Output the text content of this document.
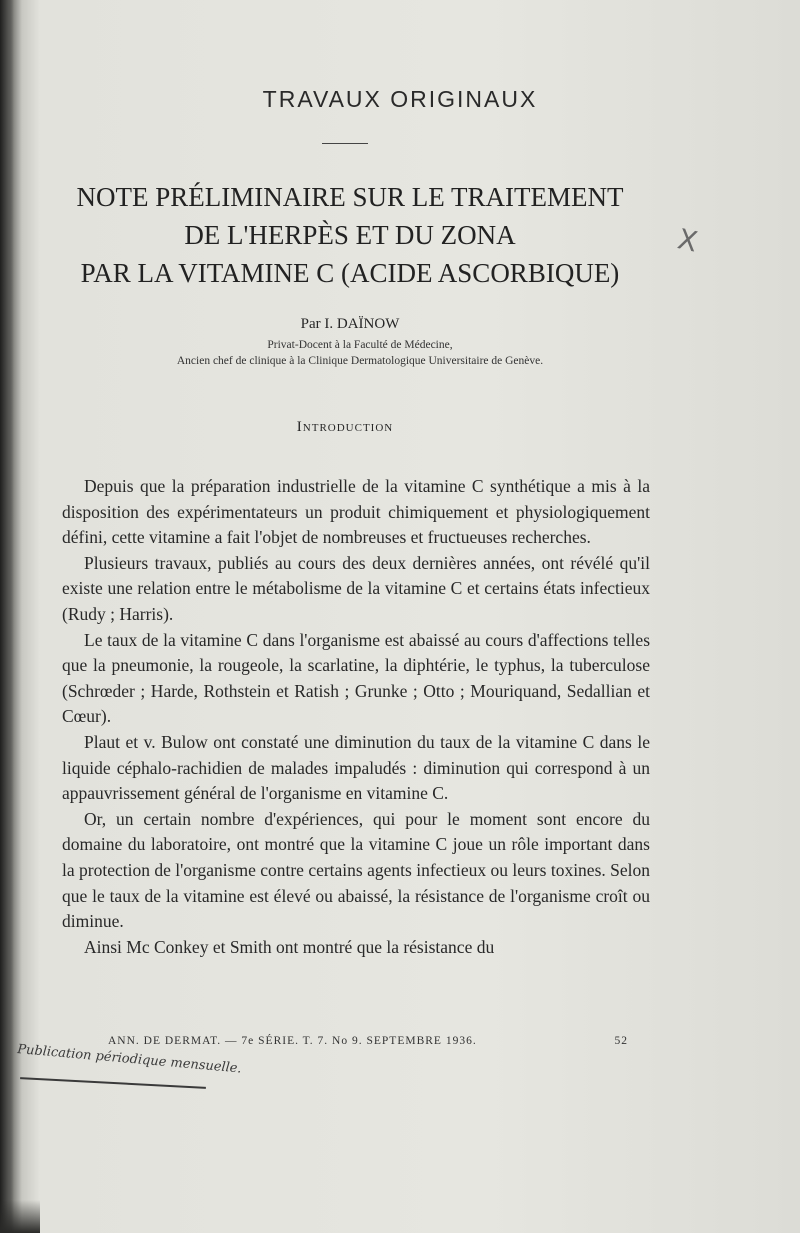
TRAVAUX ORIGINAUX
NOTE PRÉLIMINAIRE SUR LE TRAITEMENT
DE L'HERPÈS ET DU ZONA
PAR LA VITAMINE C (ACIDE ASCORBIQUE)
X
Par I. DAÏNOW
Privat-Docent à la Faculté de Médecine,
Ancien chef de clinique à la Clinique Dermatologique Universitaire de Genève.
Introduction

Depuis que la préparation industrielle de la vitamine C synthétique a mis à la disposition des expérimentateurs un produit chimiquement et physiologiquement défini, cette vitamine a fait l'objet de nombreuses et fructueuses recherches.

Plusieurs travaux, publiés au cours des deux dernières années, ont révélé qu'il existe une relation entre le métabolisme de la vitamine C et certains états infectieux (Rudy ; Harris).

Le taux de la vitamine C dans l'organisme est abaissé au cours d'affections telles que la pneumonie, la rougeole, la scarlatine, la diphtérie, le typhus, la tuberculose (Schrœder ; Harde, Rothstein et Ratish ; Grunke ; Otto ; Mouriquand, Sedallian et Cœur).

Plaut et v. Bulow ont constaté une diminution du taux de la vitamine C dans le liquide céphalo-rachidien de malades impaludés : diminution qui correspond à un appauvrissement général de l'organisme en vitamine C.

Or, un certain nombre d'expériences, qui pour le moment sont encore du domaine du laboratoire, ont montré que la vitamine C joue un rôle important dans la protection de l'organisme contre certains agents infectieux ou leurs toxines. Selon que le taux de la vitamine est élevé ou abaissé, la résistance de l'organisme croît ou diminue.

Ainsi Mc Conkey et Smith ont montré que la résistance du

ANN. DE DERMAT. — 7e SÉRIE. T. 7. No 9. SEPTEMBRE 1936.	52
Publication périodique mensuelle.
